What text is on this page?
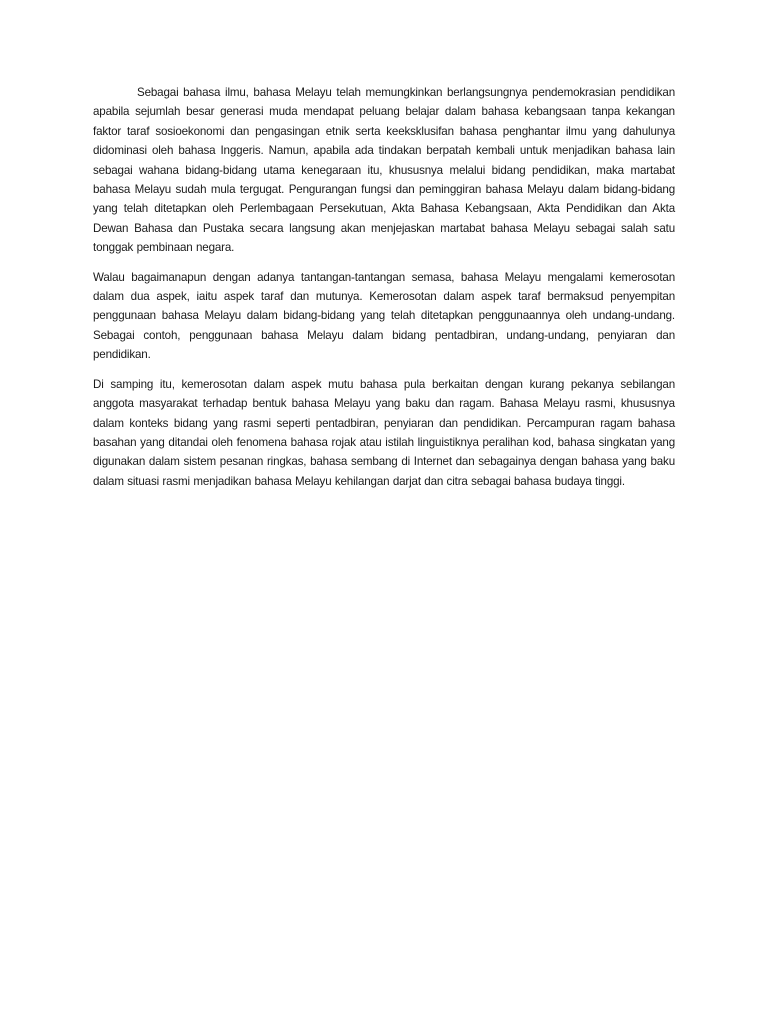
Sebagai bahasa ilmu, bahasa Melayu telah memungkinkan berlangsungnya pendemokrasian pendidikan apabila sejumlah besar generasi muda mendapat peluang belajar dalam bahasa kebangsaan tanpa kekangan faktor taraf sosioekonomi dan pengasingan etnik serta keeksklusifan bahasa penghantar ilmu yang dahulunya didominasi oleh bahasa Inggeris. Namun, apabila ada tindakan berpatah kembali untuk menjadikan bahasa lain sebagai wahana bidang-bidang utama kenegaraan itu, khususnya melalui bidang pendidikan, maka martabat bahasa Melayu sudah mula tergugat. Pengurangan fungsi dan peminggiran bahasa Melayu dalam bidang-bidang yang telah ditetapkan oleh Perlembagaan Persekutuan, Akta Bahasa Kebangsaan, Akta Pendidikan dan Akta Dewan Bahasa dan Pustaka secara langsung akan menjejaskan martabat bahasa Melayu sebagai salah satu tonggak pembinaan negara.

Walau bagaimanapun dengan adanya tantangan-tantangan semasa, bahasa Melayu mengalami kemerosotan dalam dua aspek, iaitu aspek taraf dan mutunya. Kemerosotan dalam aspek taraf bermaksud penyempitan penggunaan bahasa Melayu dalam bidang-bidang yang telah ditetapkan penggunaannya oleh undang-undang. Sebagai contoh, penggunaan bahasa Melayu dalam bidang pentadbiran, undang-undang, penyiaran dan pendidikan.

Di samping itu, kemerosotan dalam aspek mutu bahasa pula berkaitan dengan kurang pekanya sebilangan anggota masyarakat terhadap bentuk bahasa Melayu yang baku dan ragam. Bahasa Melayu rasmi, khususnya dalam konteks bidang yang rasmi seperti pentadbiran, penyiaran dan pendidikan. Percampuran ragam bahasa basahan yang ditandai oleh fenomena bahasa rojak atau istilah linguistiknya peralihan kod, bahasa singkatan yang digunakan dalam sistem pesanan ringkas, bahasa sembang di Internet dan sebagainya dengan bahasa yang baku dalam situasi rasmi menjadikan bahasa Melayu kehilangan darjat dan citra sebagai bahasa budaya tinggi.
